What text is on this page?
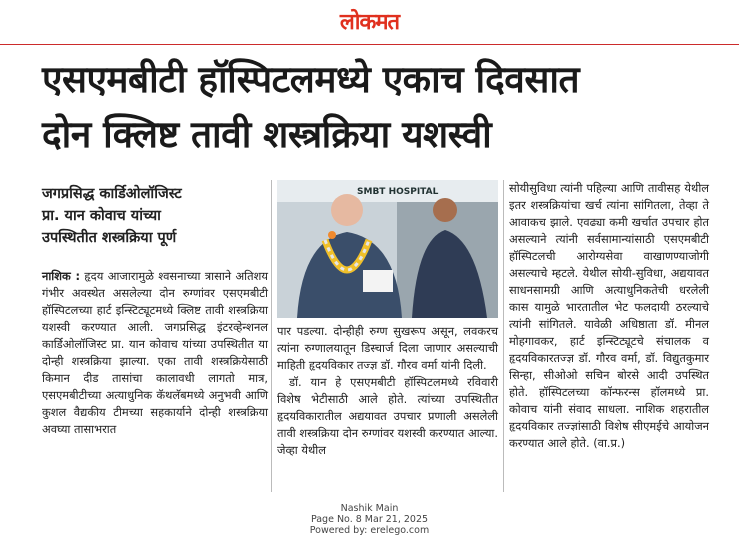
लोकमत
एसएमबीटी हॉस्पिटलमध्ये एकाच दिवसात
दोन क्लिष्ट तावी शस्त्रक्रिया यशस्वी
जगप्रसिद्ध कार्डिओलॉजिस्ट
प्रा. यान कोवाच यांच्या
उपस्थितीत शस्त्रक्रिया पूर्ण

नाशिक : हृदय आजारामुळे श्वसनाच्या त्रासाने अतिशय गंभीर अवस्थेत असलेल्या दोन रुग्णांवर एसएमबीटी हॉस्पिटलच्या हार्ट इन्स्टिट्यूटमध्ये क्लिष्ट तावी शस्त्रक्रिया यशस्वी करण्यात आली. जगप्रसिद्ध इंटरव्हेन्शनल कार्डिओलॉजिस्ट प्रा. यान कोवाच यांच्या उपस्थितीत या दोन्ही शस्त्रक्रिया झाल्या. एका तावी शस्त्रक्रियेसाठी किमान दीड तासांचा कालावधी लागतो मात्र, एसएमबीटीच्या अत्याधुनिक कॅथलॅबमध्ये अनुभवी आणि कुशल वैद्यकीय टीमच्या सहकार्याने दोन्ही शस्त्रक्रिया अवघ्या तासाभरात

SMBT HOSPITAL

पार पडल्या. दोन्हीही रुग्ण सुखरूप असून, लवकरच त्यांना रुग्णालयातून डिस्चार्ज दिला जाणार असल्याची माहिती हृदयविकार तज्ज्ञ डॉ. गौरव वर्मा यांनी दिली.

डॉ. यान हे एसएमबीटी हॉस्पिटलमध्ये रविवारी विशेष भेटीसाठी आले होते. त्यांच्या उपस्थितीत हृदयविकारातील अद्ययावत उपचार प्रणाली असलेली तावी शस्त्रक्रिया दोन रुग्णांवर यशस्वी करण्यात आल्या. जेव्हा येथील

सोयीसुविधा त्यांनी पहिल्या आणि तावीसह येथील इतर शस्त्रक्रियांचा खर्च त्यांना सांगितला, तेव्हा ते आवाकच झाले. एवढ्या कमी खर्चात उपचार होत असल्याने त्यांनी सर्वसामान्यांसाठी एसएमबीटी हॉस्पिटलची आरोग्यसेवा वाखाणण्याजोगी असल्याचे म्हटले. येथील सोयी-सुविधा, अद्ययावत साधनसामग्री आणि अत्याधुनिकतेची धरलेली कास यामुळे भारतातील भेट फलदायी ठरल्याचे त्यांनी सांगितले. यावेळी अधिष्ठाता डॉ. मीनल मोहगावकर, हार्ट इन्स्टिट्यूटचे संचालक व हृदयविकारतज्ज्ञ डॉ. गौरव वर्मा, डॉ. विद्युतकुमार सिन्हा, सीओओ सचिन बोरसे आदी उपस्थित होते. हॉस्पिटलच्या कॉन्फरन्स हॉलमध्ये प्रा. कोवाच यांनी संवाद साधला. नाशिक शहरातील हृदयविकार तज्ज्ञांसाठी विशेष सीएमईचे आयोजन करण्यात आले होते. (वा.प्र.)

Nashik Main
Page No. 8 Mar 21, 2025
Powered by: erelego.com
